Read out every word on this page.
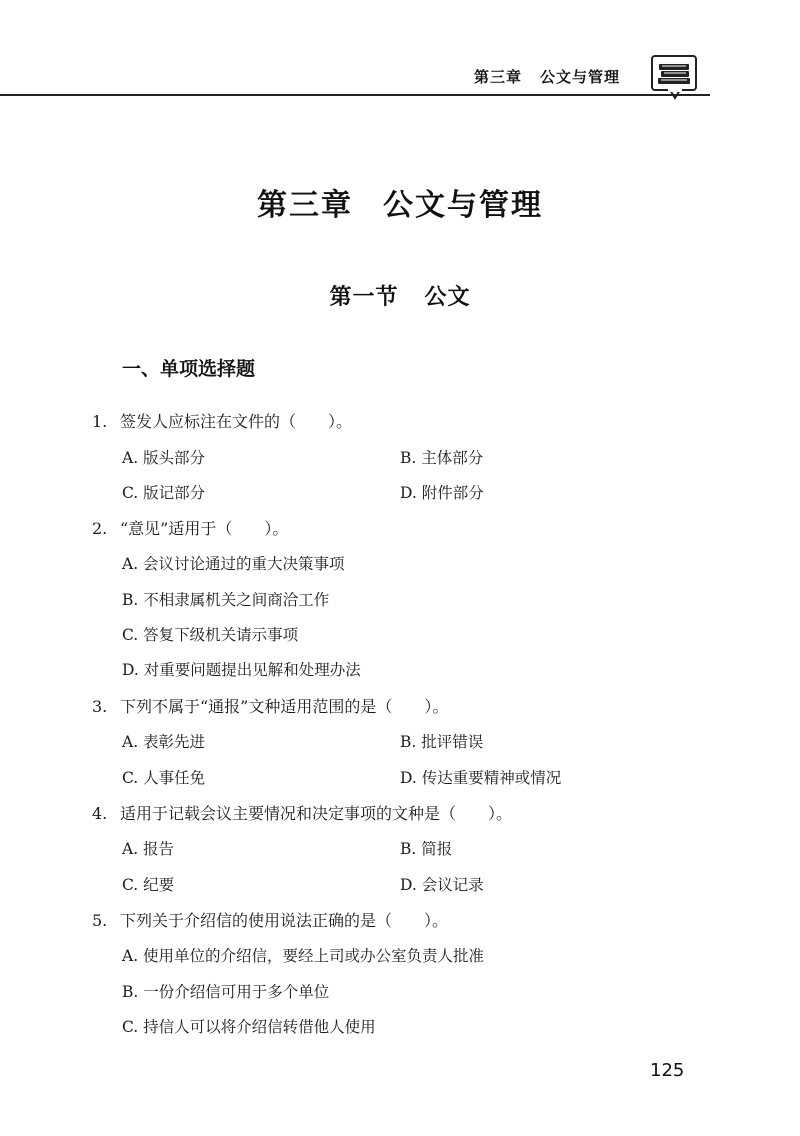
第三章 公文与管理
第三章 公文与管理
第一节 公文
一、单项选择题
1. 签发人应标注在文件的（　　）。
A. 版头部分	B. 主体部分
C. 版记部分	D. 附件部分
2. “意见”适用于（　　）。
A. 会议讨论通过的重大决策事项
B. 不相隶属机关之间商洽工作
C. 答复下级机关请示事项
D. 对重要问题提出见解和处理办法
3. 下列不属于“通报”文种适用范围的是（　　）。
A. 表彰先进	B. 批评错误
C. 人事任免	D. 传达重要精神或情况
4. 适用于记载会议主要情况和决定事项的文种是（　　）。
A. 报告	B. 简报
C. 纪要	D. 会议记录
5. 下列关于介绍信的使用说法正确的是（　　）。
A. 使用单位的介绍信，要经上司或办公室负责人批准
B. 一份介绍信可用于多个单位
C. 持信人可以将介绍信转借他人使用
125
